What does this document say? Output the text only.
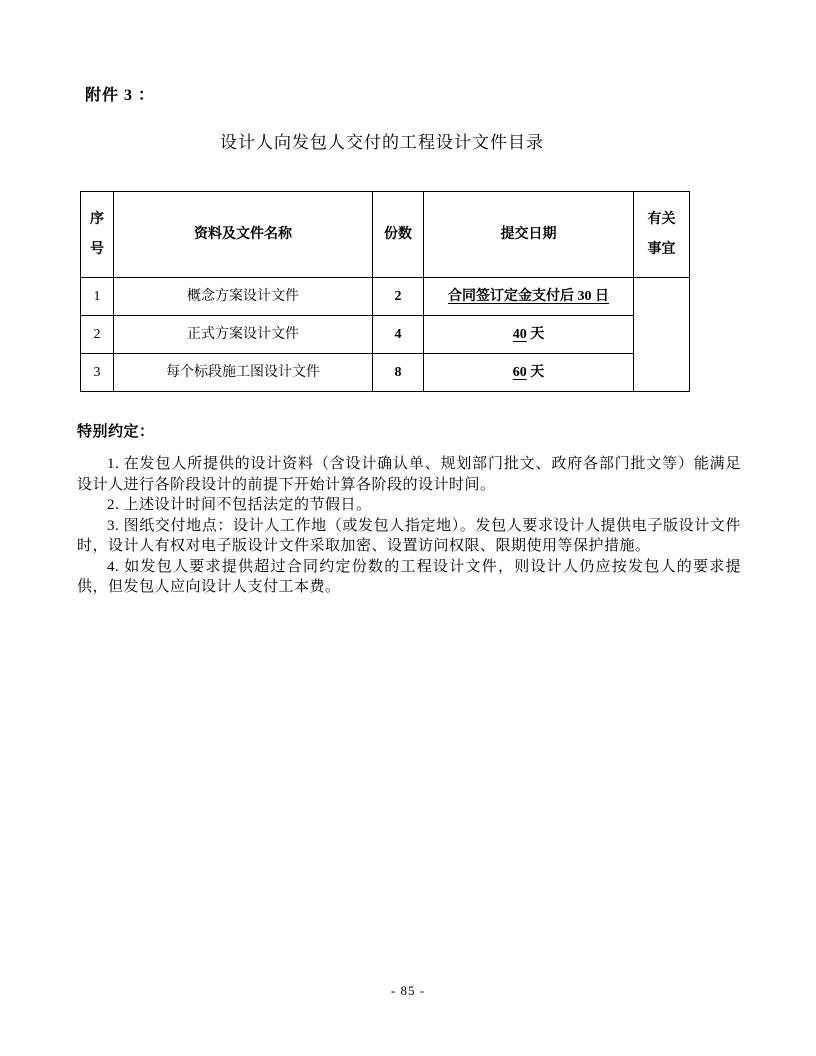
附件 3 ：
设计人向发包人交付的工程设计文件目录
序号	资料及文件名称	份数	提交日期	有关事宜
1	概念方案设计文件	2	合同签订定金支付后 30 日	
2	正式方案设计文件	4	40 天	
3	每个标段施工图设计文件	8	60 天	
特别约定：

1. 在发包人所提供的设计资料（含设计确认单、规划部门批文、政府各部门批文等）能满足设计人进行各阶段设计的前提下开始计算各阶段的设计时间。

2. 上述设计时间不包括法定的节假日。

3. 图纸交付地点：设计人工作地（或发包人指定地）。发包人要求设计人提供电子版设计文件时，设计人有权对电子版设计文件采取加密、设置访问权限、限期使用等保护措施。

4. 如发包人要求提供超过合同约定份数的工程设计文件，则设计人仍应按发包人的要求提供，但发包人应向设计人支付工本费。

- 85 -
